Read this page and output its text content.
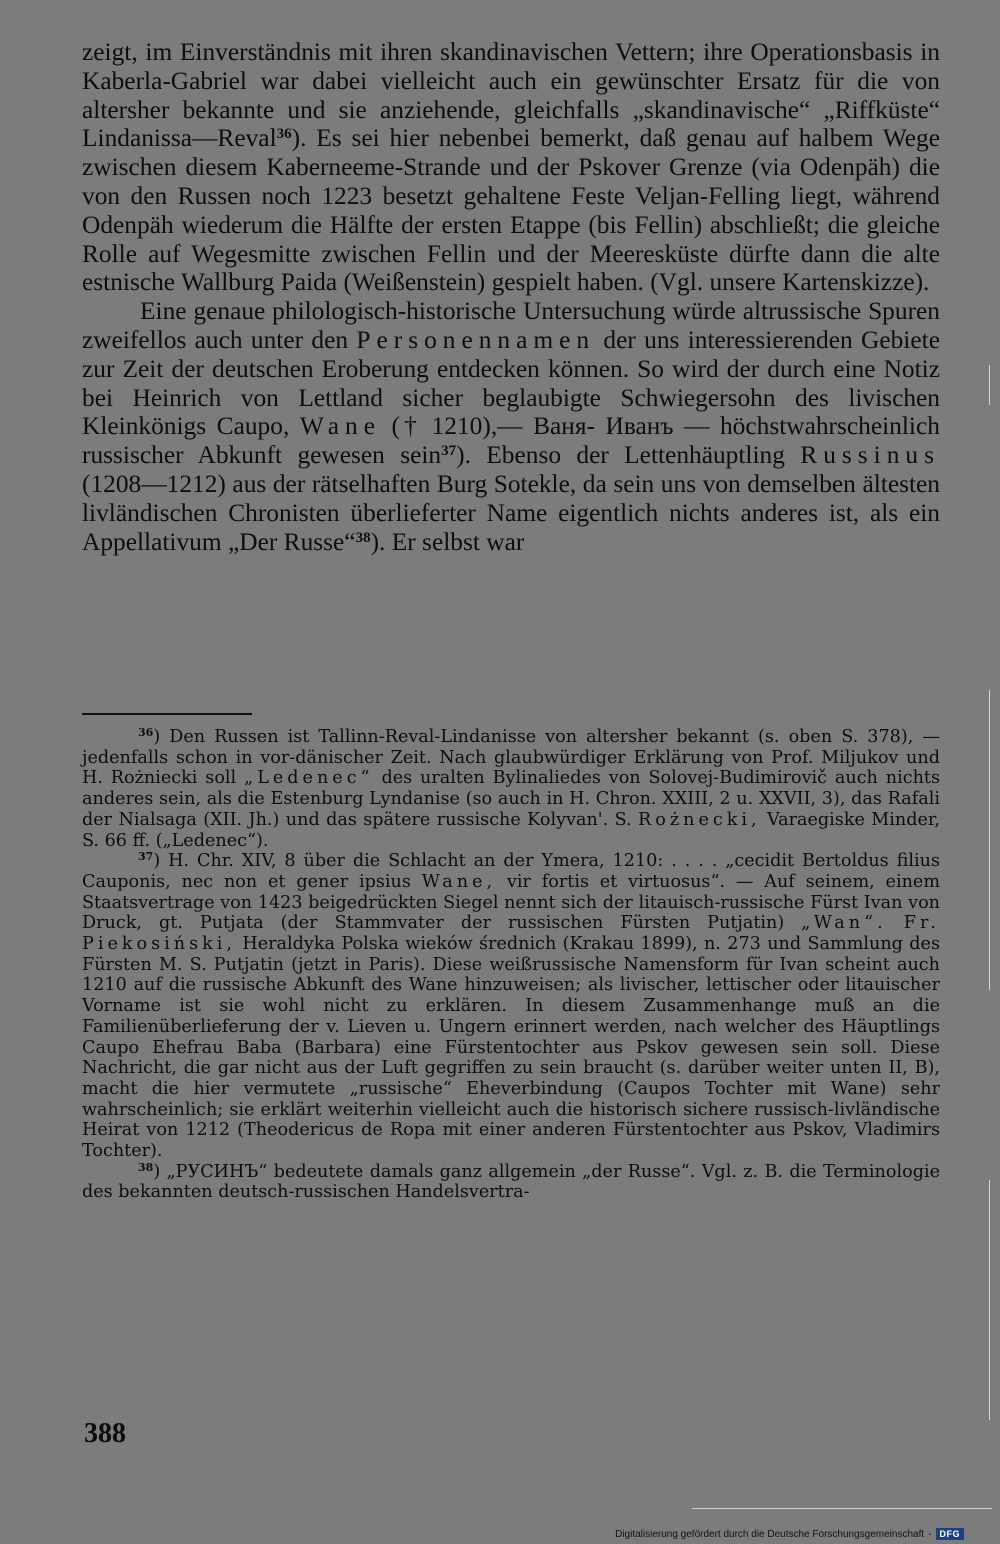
zeigt, im Einverständnis mit ihren skandinavischen Vettern; ihre Operationsbasis in Kaberla-Gabriel war dabei vielleicht auch ein gewünschter Ersatz für die von altersher bekannte und sie anziehende, gleichfalls „skandinavische“ „Riffküste“ Lindanissa—Reval$^{36}$). Es sei hier nebenbei bemerkt, daß genau auf halbem Wege zwischen diesem Kaberneeme-Strande und der Pskover Grenze (via Odenpäh) die von den Russen noch 1223 besetzt gehaltene Feste Veljan-Felling liegt, während Odenpäh wiederum die Hälfte der ersten Etappe (bis Fellin) abschließt; die gleiche Rolle auf Wegesmitte zwischen Fellin und der Meeresküste dürfte dann die alte estnische Wallburg Paida (Weißenstein) gespielt haben. (Vgl. unsere Kartenskizze).

Eine genaue philologisch-historische Untersuchung würde altrussische Spuren zweifellos auch unter den Personennamen der uns interessierenden Gebiete zur Zeit der deutschen Eroberung entdecken können. So wird der durch eine Notiz bei Heinrich von Lettland sicher beglaubigte Schwiegersohn des livischen Kleinkönigs Caupo, Wane († 1210),— Ваня- Иванъ — höchstwahrscheinlich russischer Abkunft gewesen sein$^{37}$). Ebenso der Lettenhäuptling Russinus (1208—1212) aus der rätselhaften Burg Sotekle, da sein uns von demselben ältesten livländischen Chronisten überlieferter Name eigentlich nichts anderes ist, als ein Appellativum „Der Russe“$^{38}$). Er selbst war

$^{36}$) Den Russen ist Tallinn-Reval-Lindanisse von altersher bekannt (s. oben S. 378), — jedenfalls schon in vor-dänischer Zeit. Nach glaubwürdiger Erklärung von Prof. Miljukov und H. Rożniecki soll „Ledenec“ des uralten Bylinaliedes von Solovej-Budimirovič auch nichts anderes sein, als die Estenburg Lyndanise (so auch in H. Chron. XXIII, 2 u. XXVII, 3), das Rafali der Nialsaga (XII. Jh.) und das spätere russische Kolyvan'. S. Rożnecki, Varaegiske Minder, S. 66 ff. („Ledenec“).

$^{37}$) H. Chr. XIV, 8 über die Schlacht an der Ymera, 1210: . . . . „cecidit Bertoldus filius Cauponis, nec non et gener ipsius Wane, vir fortis et virtuosus“. — Auf seinem, einem Staatsvertrage von 1423 beigedrückten Siegel nennt sich der litauisch-russische Fürst Ivan von Druck, gt. Putjata (der Stammvater der russischen Fürsten Putjatin) „Wan“. Fr. Piekosiński, Heraldyka Polska wieków średnich (Krakau 1899), n. 273 und Sammlung des Fürsten M. S. Putjatin (jetzt in Paris). Diese weißrussische Namensform für Ivan scheint auch 1210 auf die russische Abkunft des Wane hinzuweisen; als livischer, lettischer oder litauischer Vorname ist sie wohl nicht zu erklären. In diesem Zusammenhange muß an die Familienüberlieferung der v. Lieven u. Ungern erinnert werden, nach welcher des Häuptlings Caupo Ehefrau Baba (Barbara) eine Fürstentochter aus Pskov gewesen sein soll. Diese Nachricht, die gar nicht aus der Luft gegriffen zu sein braucht (s. darüber weiter unten II, B), macht die hier vermutete „russische“ Eheverbindung (Caupos Tochter mit Wane) sehr wahrscheinlich; sie erklärt weiterhin vielleicht auch die historisch sichere russisch-livländische Heirat von 1212 (Theodericus de Ropa mit einer anderen Fürstentochter aus Pskov, Vladimirs Tochter).

$^{38}$) „РУСИНЪ“ bedeutete damals ganz allgemein „der Russe“. Vgl. z. B. die Terminologie des bekannten deutsch-russischen Handelsvertra-

388
Digitalisierung gefördert durch die Deutsche Forschungsgemeinschaft - DFG
